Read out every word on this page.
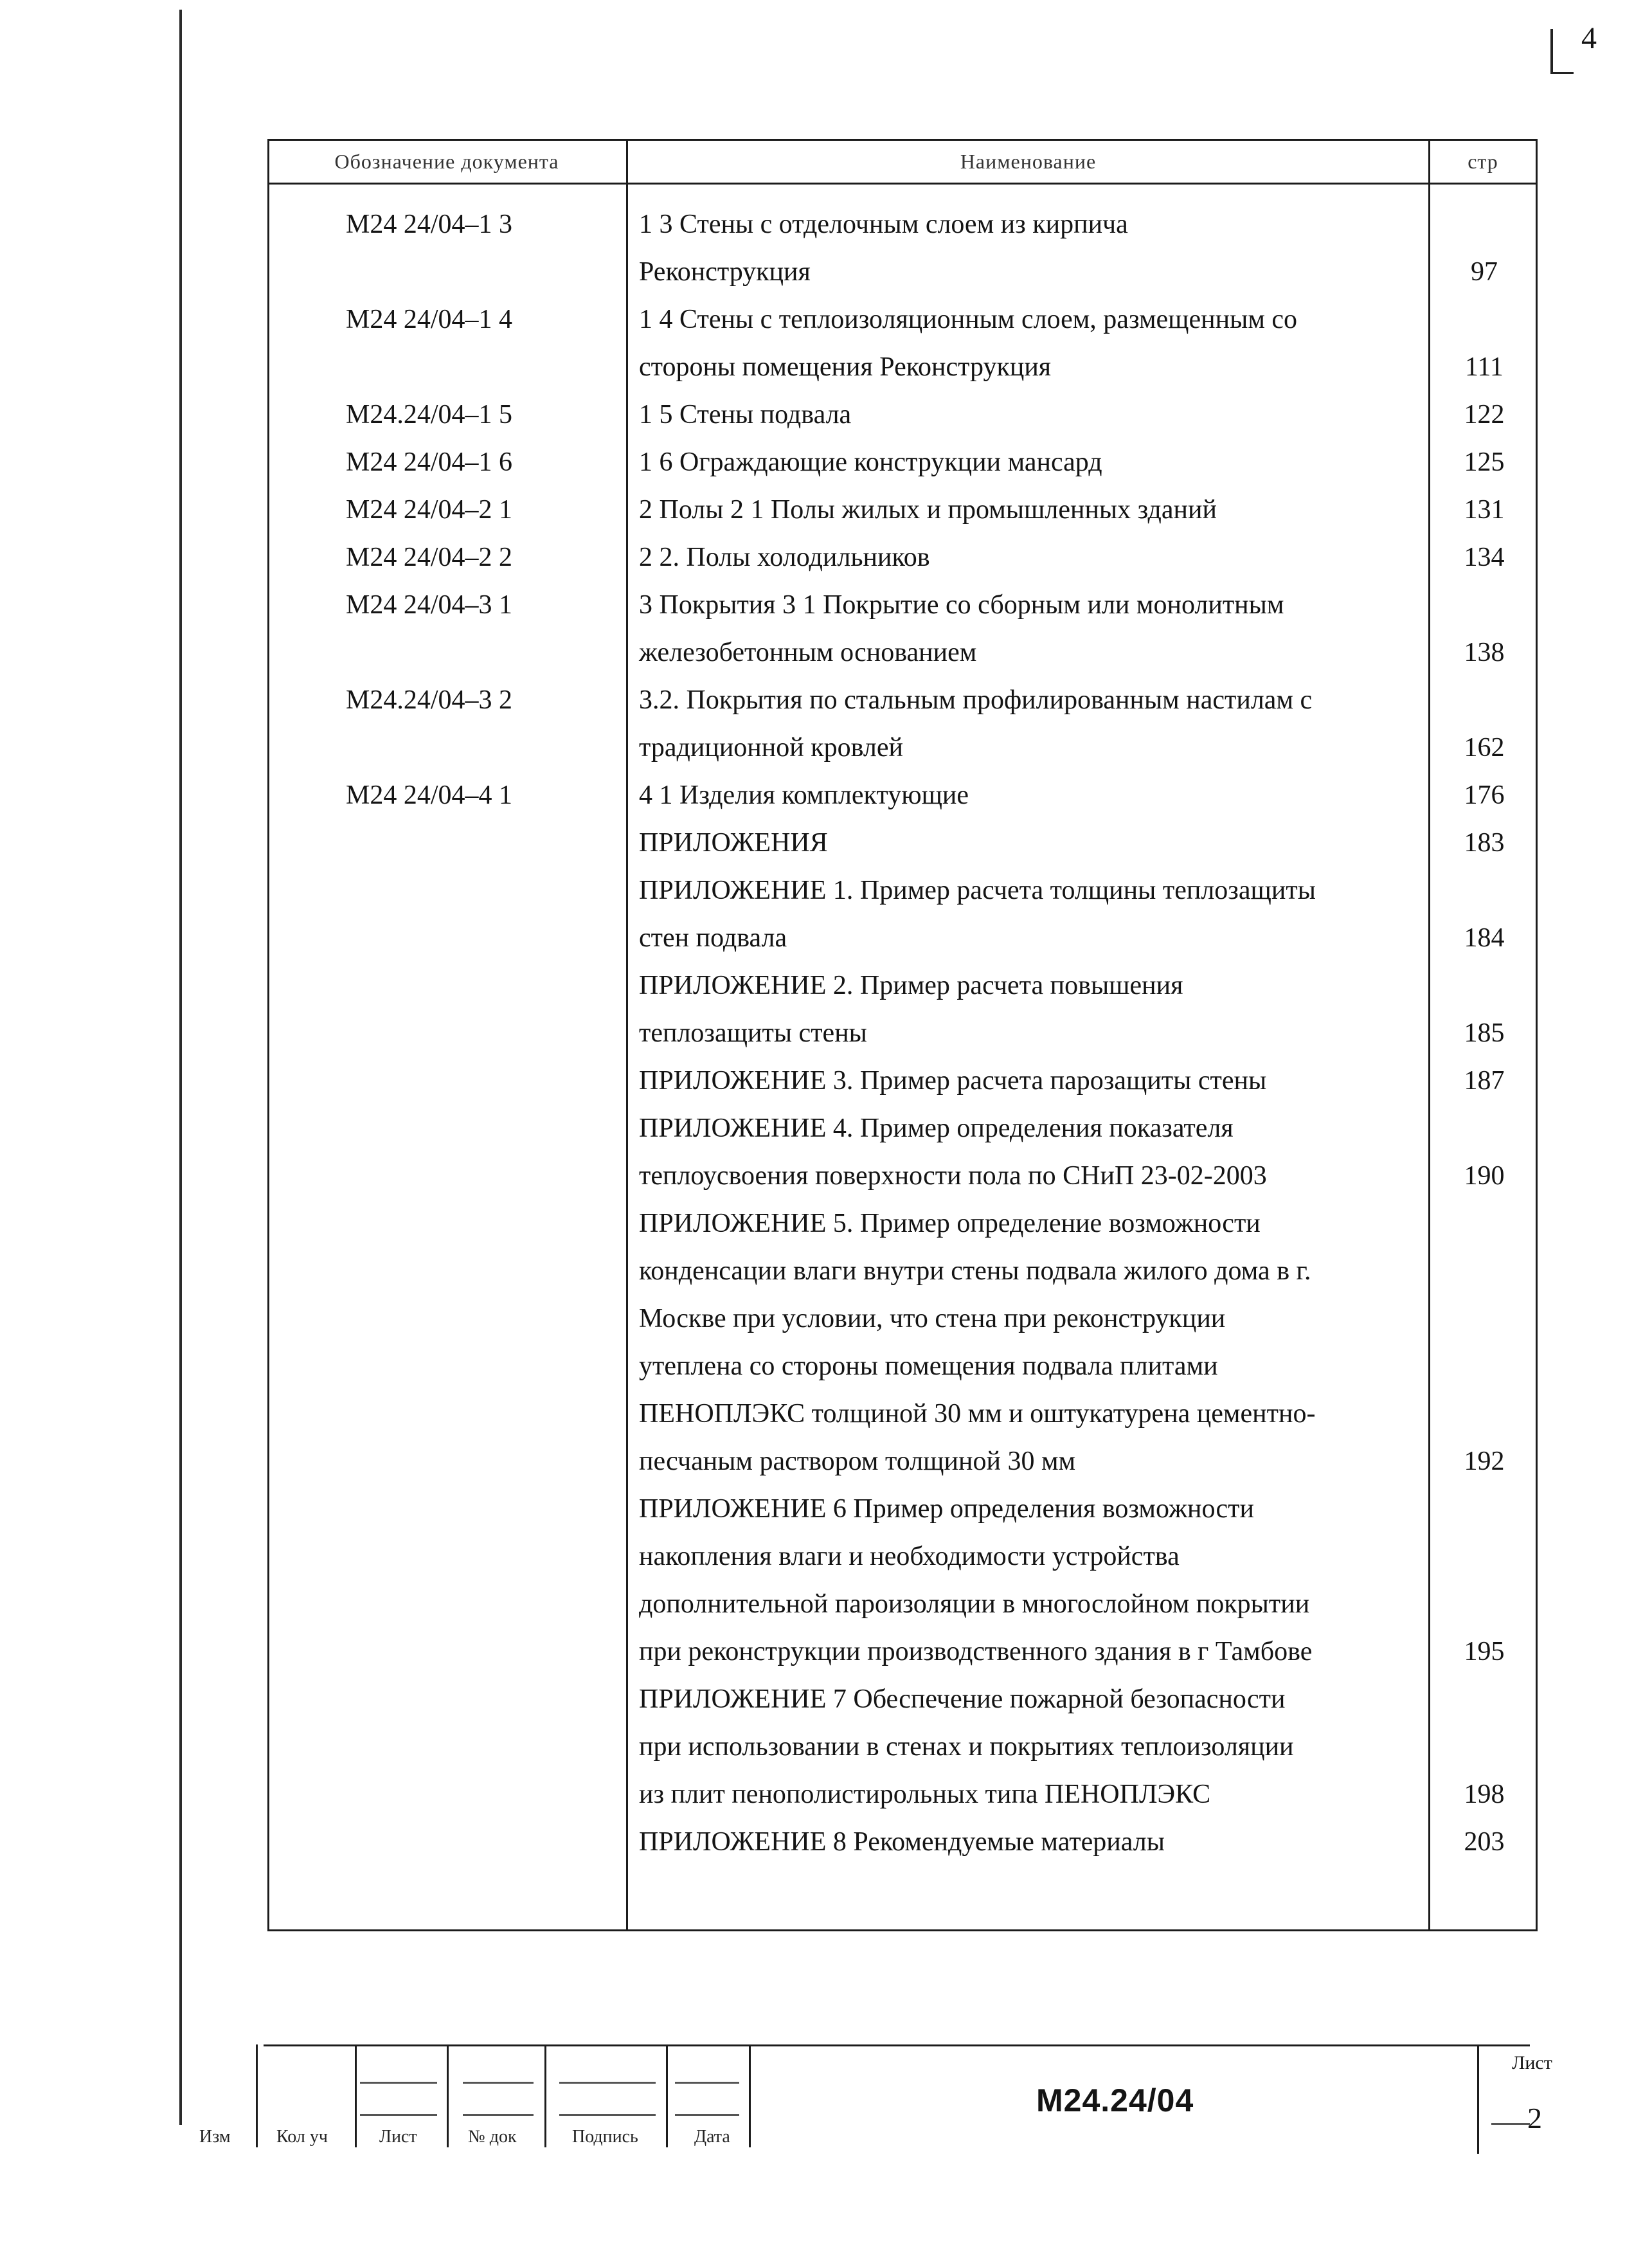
4
Обозначение документа	Наименование	стр
М24 24/04–1 3	1 3 Стены с отделочным слоем из кирпича
Реконструкция	97
М24 24/04–1 4	1 4 Стены с теплоизоляционным слоем, размещенным со
стороны помещения Реконструкция	111
М24.24/04–1 5	1 5 Стены подвала	122
М24 24/04–1 6	1 6 Ограждающие конструкции мансард	125
М24 24/04–2 1	2 Полы 2 1 Полы жилых и промышленных зданий	131
М24 24/04–2 2	2 2. Полы холодильников	134
М24 24/04–3 1	3 Покрытия 3 1 Покрытие со сборным или монолитным
железобетонным основанием	138
М24.24/04–3 2	3.2. Покрытия по стальным профилированным настилам с
традиционной кровлей	162
М24 24/04–4 1	4 1 Изделия комплектующие	176
ПРИЛОЖЕНИЯ	183
ПРИЛОЖЕНИЕ 1. Пример расчета толщины теплозащиты
стен подвала	184
ПРИЛОЖЕНИЕ 2. Пример расчета повышения
теплозащиты стены	185
ПРИЛОЖЕНИЕ 3. Пример расчета парозащиты стены	187
ПРИЛОЖЕНИЕ 4. Пример определения показателя
теплоусвоения поверхности пола по СНиП 23-02-2003	190
ПРИЛОЖЕНИЕ 5. Пример определение возможности
конденсации влаги внутри стены подвала жилого дома в г.
Москве при условии, что стена при реконструкции
утеплена со стороны помещения подвала плитами
ПЕНОПЛЭКС толщиной 30 мм и оштукатурена цементно-
песчаным раствором толщиной 30 мм	192
ПРИЛОЖЕНИЕ 6 Пример определения возможности
накопления влаги и необходимости устройства
дополнительной пароизоляции в многослойном покрытии
при реконструкции производственного здания в г Тамбове	195
ПРИЛОЖЕНИЕ 7 Обеспечение пожарной безопасности
при использовании в стенах и покрытиях теплоизоляции
из плит пенополистирольных типа ПЕНОПЛЭКС	198
ПРИЛОЖЕНИЕ 8 Рекомендуемые материалы	203
Изм	Кол уч	Лист	№ док	Подпись	Дата
М24.24/04
Лист
2
